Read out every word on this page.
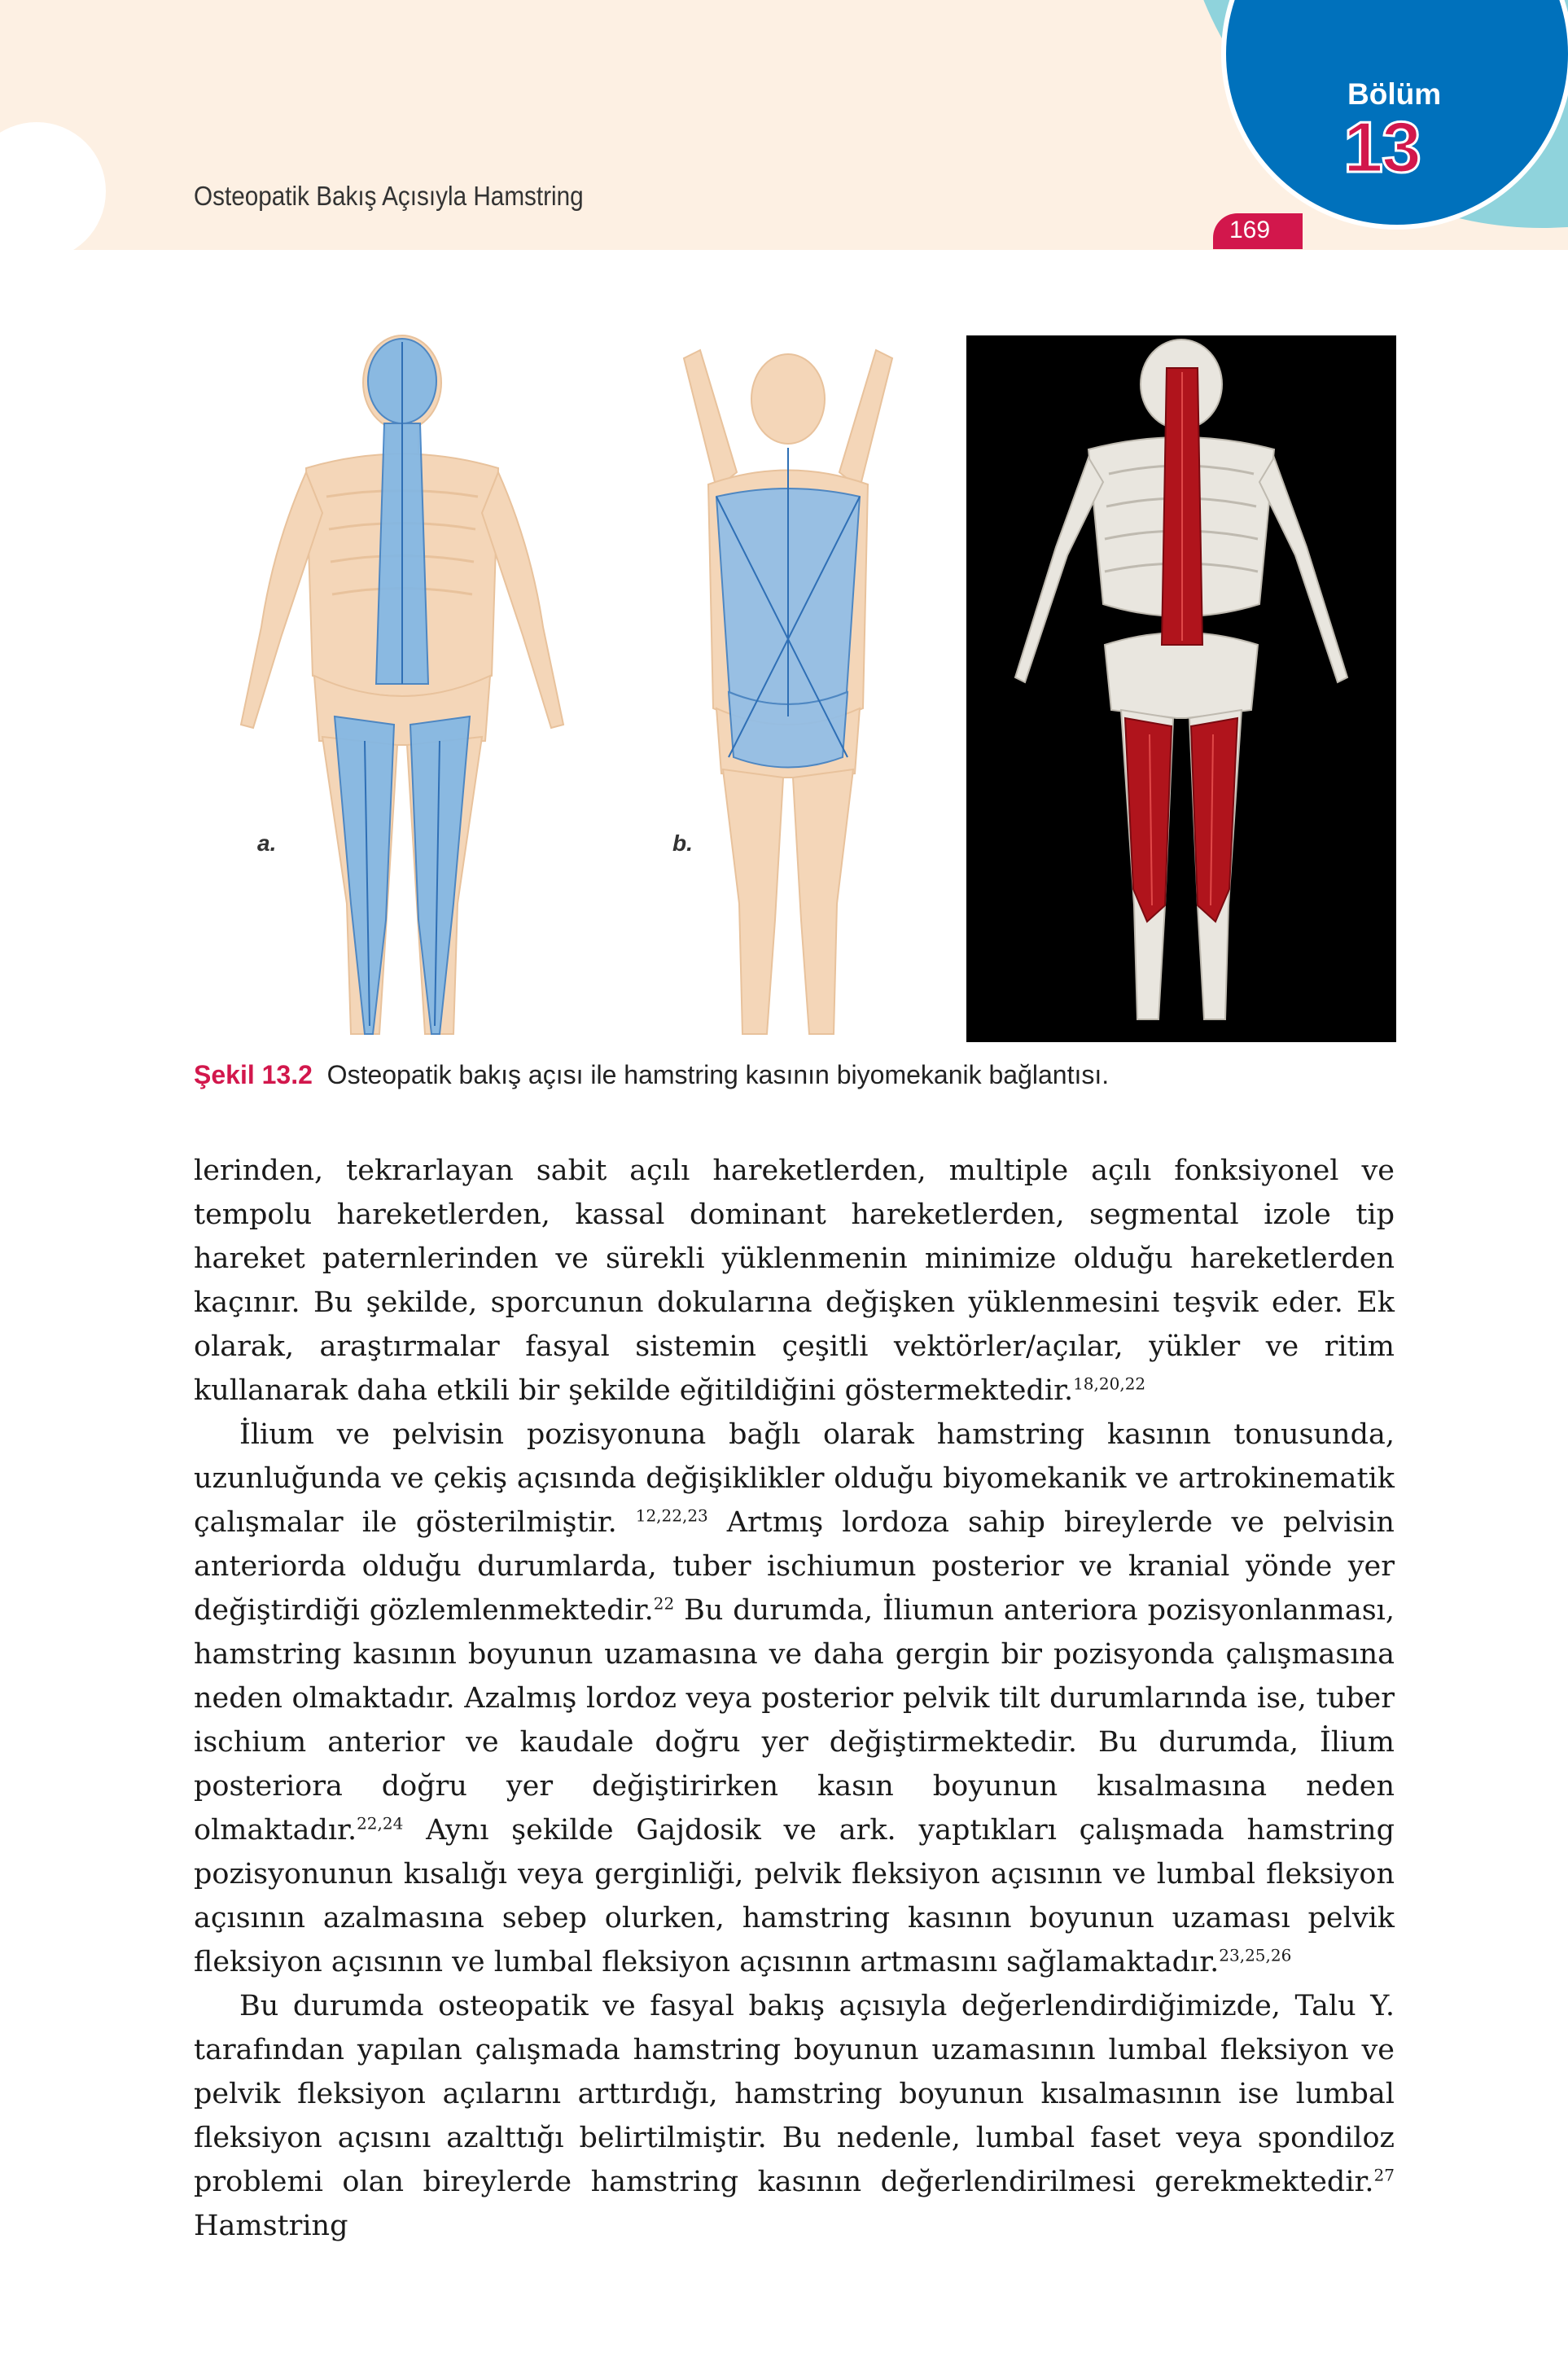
Osteopatik Bakış Açısıyla Hamstring
Bölüm
13
169
a.	b.
Şekil 13.2 Osteopatik bakış açısı ile hamstring kasının biyomekanik bağlantısı.

lerinden, tekrarlayan sabit açılı hareketlerden, multiple açılı fonksiyonel ve tempolu hareketlerden, kassal dominant hareketlerden, segmental izole tip hareket paternlerinden ve sürekli yüklenmenin minimize olduğu hareketlerden kaçınır. Bu şekilde, sporcunun dokularına değişken yüklenmesini teşvik eder. Ek olarak, araştırmalar fasyal sistemin çeşitli vektörler/açılar, yükler ve ritim kullanarak daha etkili bir şekilde eğitildiğini göstermektedir.$^{18,20,22}$

İlium ve pelvisin pozisyonuna bağlı olarak hamstring kasının tonusunda, uzunluğunda ve çekiş açısında değişiklikler olduğu biyomekanik ve artrokinematik çalışmalar ile gösterilmiştir. $^{12,22,23}$ Artmış lordoza sahip bireylerde ve pelvisin anteriorda olduğu durumlarda, tuber ischiumun posterior ve kranial yönde yer değiştirdiği gözlemlenmektedir.$^{22}$ Bu durumda, İliumun anteriora pozisyonlanması, hamstring kasının boyunun uzamasına ve daha gergin bir pozisyonda çalışmasına neden olmaktadır. Azalmış lordoz veya posterior pelvik tilt durumlarında ise, tuber ischium anterior ve kaudale doğru yer değiştirmektedir. Bu durumda, İlium posteriora doğru yer değiştirirken kasın boyunun kısalmasına neden olmaktadır.$^{22,24}$ Aynı şekilde Gajdosik ve ark. yaptıkları çalışmada hamstring pozisyonunun kısalığı veya gerginliği, pelvik fleksiyon açısının ve lumbal fleksiyon açısının azalmasına sebep olurken, hamstring kasının boyunun uzaması pelvik fleksiyon açısının ve lumbal fleksiyon açısının artmasını sağlamaktadır.$^{23,25,26}$

Bu durumda osteopatik ve fasyal bakış açısıyla değerlendirdiğimizde, Talu Y. tarafından yapılan çalışmada hamstring boyunun uzamasının lumbal fleksiyon ve pelvik fleksiyon açılarını arttırdığı, hamstring boyunun kısalmasının ise lumbal fleksiyon açısını azalttığı belirtilmiştir. Bu nedenle, lumbal faset veya spondiloz problemi olan bireylerde hamstring kasının değerlendirilmesi gerekmektedir.$^{27}$ Hamstring
